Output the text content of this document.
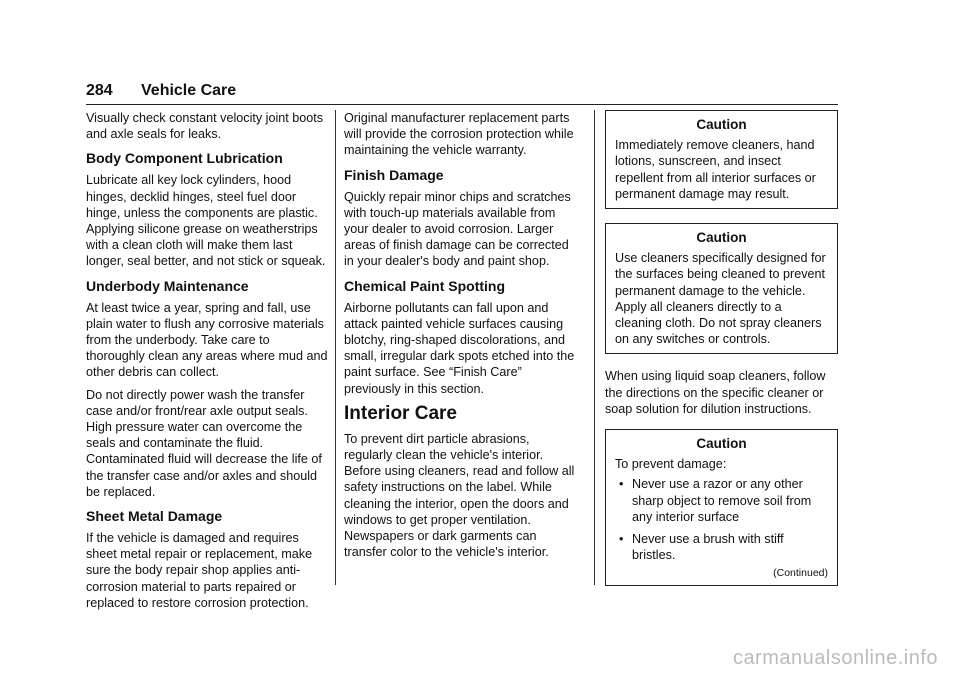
284 Vehicle Care

Visually check constant velocity joint boots and axle seals for leaks.

Body Component Lubrication

Lubricate all key lock cylinders, hood hinges, decklid hinges, steel fuel door hinge, unless the components are plastic. Applying silicone grease on weatherstrips with a clean cloth will make them last longer, seal better, and not stick or squeak.

Underbody Maintenance

At least twice a year, spring and fall, use plain water to flush any corrosive materials from the underbody. Take care to thoroughly clean any areas where mud and other debris can collect.

Do not directly power wash the transfer case and/or front/rear axle output seals. High pressure water can overcome the seals and contaminate the fluid. Contaminated fluid will decrease the life of the transfer case and/or axles and should be replaced.

Sheet Metal Damage

If the vehicle is damaged and requires sheet metal repair or replacement, make sure the body repair shop applies anti-corrosion material to parts repaired or replaced to restore corrosion protection.

Original manufacturer replacement parts will provide the corrosion protection while maintaining the vehicle warranty.

Finish Damage

Quickly repair minor chips and scratches with touch-up materials available from your dealer to avoid corrosion. Larger areas of finish damage can be corrected in your dealer's body and paint shop.

Chemical Paint Spotting

Airborne pollutants can fall upon and attack painted vehicle surfaces causing blotchy, ring-shaped discolorations, and small, irregular dark spots etched into the paint surface. See “Finish Care” previously in this section.

Interior Care

To prevent dirt particle abrasions, regularly clean the vehicle's interior. Before using cleaners, read and follow all safety instructions on the label. While cleaning the interior, open the doors and windows to get proper ventilation. Newspapers or dark garments can transfer color to the vehicle's interior.

Caution

Immediately remove cleaners, hand lotions, sunscreen, and insect repellent from all interior surfaces or permanent damage may result.

Caution

Use cleaners specifically designed for the surfaces being cleaned to prevent permanent damage to the vehicle. Apply all cleaners directly to a cleaning cloth. Do not spray cleaners on any switches or controls.

When using liquid soap cleaners, follow the directions on the specific cleaner or soap solution for dilution instructions.

Caution

To prevent damage:

• Never use a razor or any other sharp object to remove soil from any interior surface
• Never use a brush with stiff bristles.
(Continued)
carmanualsonline.info
